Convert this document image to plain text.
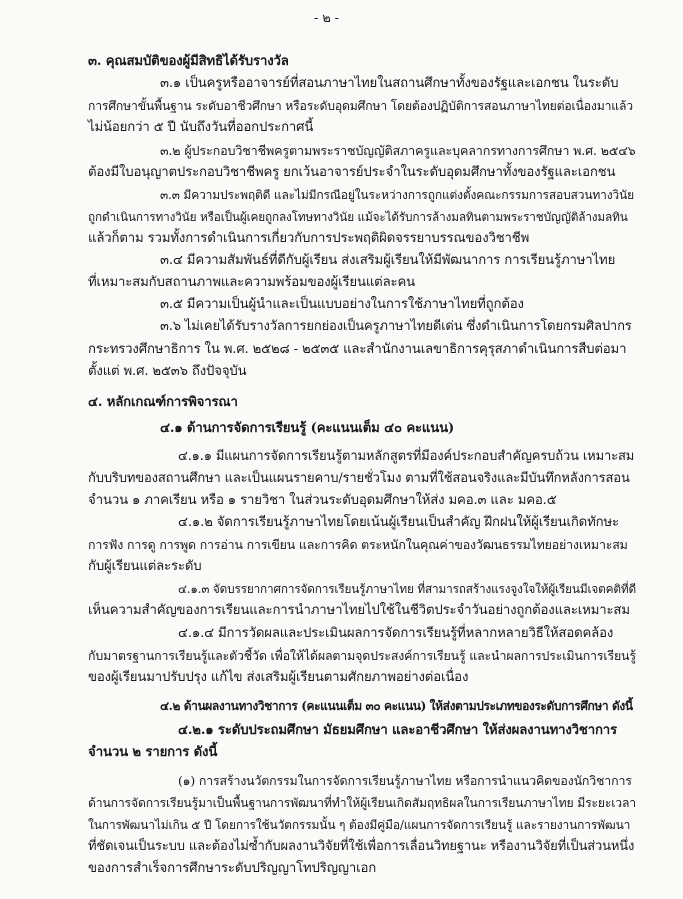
- ๒ -
๓. คุณสมบัติของผู้มีสิทธิได้รับรางวัล
๓.๑ เป็นครูหรืออาจารย์ที่สอนภาษาไทยในสถานศึกษาทั้งของรัฐและเอกชน ในระดับ
การศึกษาขั้นพื้นฐาน ระดับอาชีวศึกษา หรือระดับอุดมศึกษา โดยต้องปฏิบัติการสอนภาษาไทยต่อเนื่องมาแล้ว
ไม่น้อยกว่า ๕ ปี นับถึงวันที่ออกประกาศนี้
๓.๒ ผู้ประกอบวิชาชีพครูตามพระราชบัญญัติสภาครูและบุคลากรทางการศึกษา พ.ศ. ๒๕๔๖
ต้องมีใบอนุญาตประกอบวิชาชีพครู ยกเว้นอาจารย์ประจำในระดับอุดมศึกษาทั้งของรัฐและเอกชน
๓.๓ มีความประพฤติดี และไม่มีกรณีอยู่ในระหว่างการถูกแต่งตั้งคณะกรรมการสอบสวนทางวินัย
ถูกดำเนินการทางวินัย หรือเป็นผู้เคยถูกลงโทษทางวินัย แม้จะได้รับการล้างมลทินตามพระราชบัญญัติล้างมลทิน
แล้วก็ตาม รวมทั้งการดำเนินการเกี่ยวกับการประพฤติผิดจรรยาบรรณของวิชาชีพ
๓.๔ มีความสัมพันธ์ที่ดีกับผู้เรียน ส่งเสริมผู้เรียนให้มีพัฒนาการ การเรียนรู้ภาษาไทย
ที่เหมาะสมกับสถานภาพและความพร้อมของผู้เรียนแต่ละคน
๓.๕ มีความเป็นผู้นำและเป็นแบบอย่างในการใช้ภาษาไทยที่ถูกต้อง
๓.๖ ไม่เคยได้รับรางวัลการยกย่องเป็นครูภาษาไทยดีเด่น ซึ่งดำเนินการโดยกรมศิลปากร
กระทรวงศึกษาธิการ ใน พ.ศ. ๒๕๒๘ - ๒๕๓๕ และสำนักงานเลขาธิการคุรุสภาดำเนินการสืบต่อมา
ตั้งแต่ พ.ศ. ๒๕๓๖ ถึงปัจจุบัน
๔. หลักเกณฑ์การพิจารณา
๔.๑ ด้านการจัดการเรียนรู้ (คะแนนเต็ม ๔๐ คะแนน)
๔.๑.๑ มีแผนการจัดการเรียนรู้ตามหลักสูตรที่มีองค์ประกอบสำคัญครบถ้วน เหมาะสม
กับบริบทของสถานศึกษา และเป็นแผนรายคาบ/รายชั่วโมง ตามที่ใช้สอนจริงและมีบันทึกหลังการสอน
จำนวน ๑ ภาคเรียน หรือ ๑ รายวิชา ในส่วนระดับอุดมศึกษาให้ส่ง มคอ.๓ และ มคอ.๕
๔.๑.๒ จัดการเรียนรู้ภาษาไทยโดยเน้นผู้เรียนเป็นสำคัญ ฝึกฝนให้ผู้เรียนเกิดทักษะ
การฟัง การดู การพูด การอ่าน การเขียน และการคิด ตระหนักในคุณค่าของวัฒนธรรมไทยอย่างเหมาะสม
กับผู้เรียนแต่ละระดับ
๔.๑.๓ จัดบรรยากาศการจัดการเรียนรู้ภาษาไทย ที่สามารถสร้างแรงจูงใจให้ผู้เรียนมีเจตคติที่ดี
เห็นความสำคัญของการเรียนและการนำภาษาไทยไปใช้ในชีวิตประจำวันอย่างถูกต้องและเหมาะสม
๔.๑.๔ มีการวัดผลและประเมินผลการจัดการเรียนรู้ที่หลากหลายวิธีให้สอดคล้อง
กับมาตรฐานการเรียนรู้และตัวชี้วัด เพื่อให้ได้ผลตามจุดประสงค์การเรียนรู้ และนำผลการประเมินการเรียนรู้
ของผู้เรียนมาปรับปรุง แก้ไข ส่งเสริมผู้เรียนตามศักยภาพอย่างต่อเนื่อง
๔.๒ ด้านผลงานทางวิชาการ (คะแนนเต็ม ๓๐ คะแนน) ให้ส่งตามประเภทของระดับการศึกษา ดังนี้
๔.๒.๑ ระดับประถมศึกษา มัธยมศึกษา และอาชีวศึกษา ให้ส่งผลงานทางวิชาการ
จำนวน ๒ รายการ ดังนี้
(๑) การสร้างนวัตกรรมในการจัดการเรียนรู้ภาษาไทย หรือการนำแนวคิดของนักวิชาการ
ด้านการจัดการเรียนรู้มาเป็นพื้นฐานการพัฒนาที่ทำให้ผู้เรียนเกิดสัมฤทธิผลในการเรียนภาษาไทย มีระยะเวลา
ในการพัฒนาไม่เกิน ๕ ปี โดยการใช้นวัตกรรมนั้น ๆ ต้องมีคู่มือ/แผนการจัดการเรียนรู้ และรายงานการพัฒนา
ที่ชัดเจนเป็นระบบ และต้องไม่ซ้ำกับผลงานวิจัยที่ใช้เพื่อการเลื่อนวิทยฐานะ หรืองานวิจัยที่เป็นส่วนหนึ่ง
ของการสำเร็จการศึกษาระดับปริญญาโทปริญญาเอก
